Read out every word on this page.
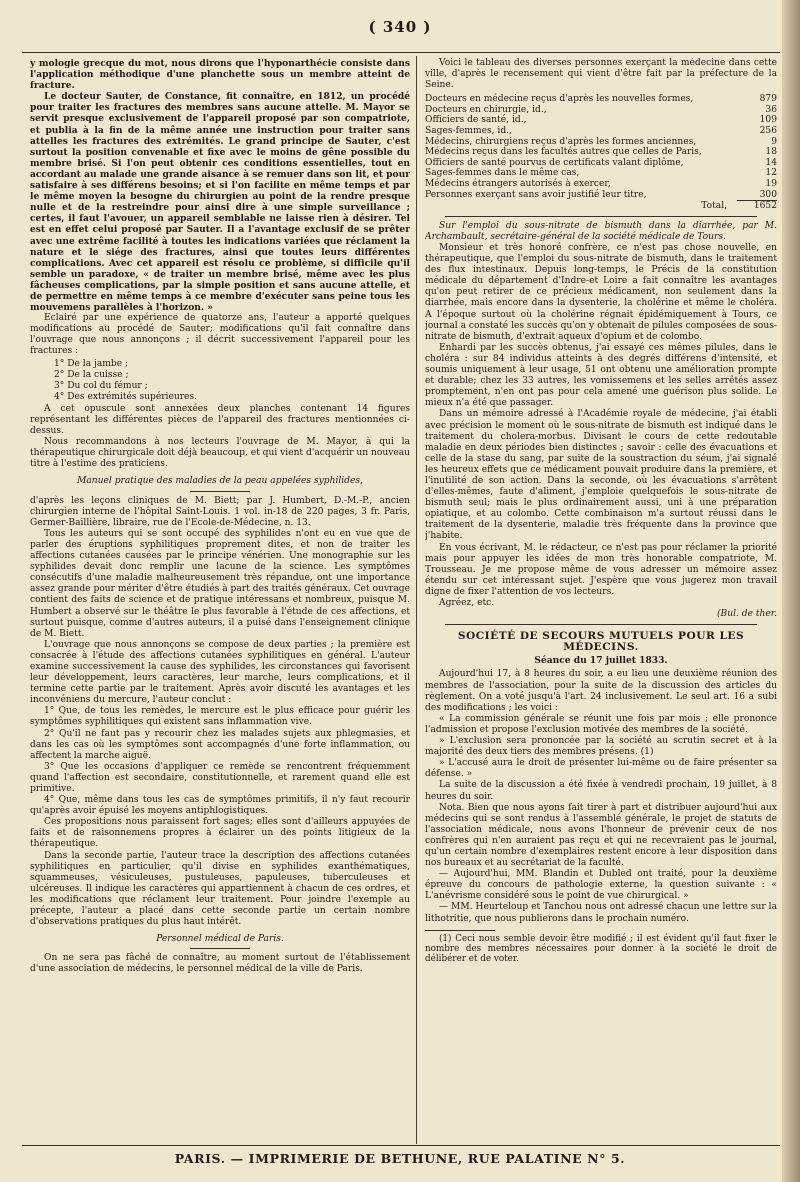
( 340 )

y mologie grecque du mot, nous dirons que l'hyponarthécie consiste dans l'application méthodique d'une planchette sous un membre atteint de fracture.

Le docteur Sauter, de Constance, fit connaître, en 1812, un procédé pour traiter les fractures des membres sans aucune attelle. M. Mayor se servit presque exclusivement de l'appareil proposé par son compatriote, et publia à la fin de la même année une instruction pour traiter sans attelles les fractures des extrémités. Le grand principe de Sauter, c'est surtout la position convenable et fixe avec le moins de gêne possible du membre brisé. Si l'on peut obtenir ces conditions essentielles, tout en accordant au malade une grande aisance à se remuer dans son lit, et pour satisfaire à ses différens besoins; et si l'on facilite en même temps et par le même moyen la besogne du chirurgien au point de la rendre presque nulle et de la restreindre pour ainsi dire à une simple surveillance ; certes, il faut l'avouer, un appareil semblable ne laisse rien à désirer. Tel est en effet celui proposé par Sauter. Il a l'avantage exclusif de se prêter avec une extrême facilité à toutes les indications variées que réclament la nature et le siége des fractures, ainsi que toutes leurs différentes complications. Avec cet appareil est résolu ce problème, si difficile qu'il semble un paradoxe, « de traiter un membre brisé, même avec les plus fâcheuses complications, par la simple position et sans aucune attelle, et de permettre en même temps à ce membre d'exécuter sans peine tous les mouvemens parallèles à l'horizon. »

Eclairé par une expérience de quatorze ans, l'auteur a apporté quelques modifications au procédé de Sauter; modifications qu'il fait connaître dans l'ouvrage que nous annonçons ; il décrit successivement l'appareil pour les fractures :

1° De la jambe ;
2° De la cuisse ;
3° Du col du fémur ;
4° Des extrémités supérieures.

A cet opuscule sont annexées deux planches contenant 14 figures représentant les différentes pièces de l'appareil des fractures mentionnées ci-dessus.

Nous recommandons à nos lecteurs l'ouvrage de M. Mayor, à qui la thérapeutique chirurgicale doit déjà beaucoup, et qui vient d'acquérir un nouveau titre à l'estime des praticiens.

Manuel pratique des maladies de la peau appelées syphilides,

d'après les leçons cliniques de M. Biett; par J. Humbert, D.-M.-P., ancien chirurgien interne de l'hôpital Saint-Louis. 1 vol. in-18 de 220 pages, 3 fr. Paris, Germer-Baillière, libraire, rue de l'Ecole-de-Médecine, n. 13.

Tous les auteurs qui se sont occupé des syphilides n'ont eu en vue que de parler des éruptions syphilitiques proprement dites, et non de traiter les affections cutanées causées par le principe vénérien. Une monographie sur les syphilides devait donc remplir une lacune de la science. Les symptômes consécutifs d'une maladie malheureusement très répandue, ont une importance assez grande pour mériter d'être étudiés à part des traités généraux. Cet ouvrage contient des faits de science et de pratique intéressans et nombreux, puisque M. Humbert a observé sur le théâtre le plus favorable à l'étude de ces affections, et surtout puisque, comme d'autres auteurs, il a puisé dans l'enseignement clinique de M. Biett.

L'ouvrage que nous annonçons se compose de deux parties ; la première est consacrée à l'étude des affections cutanées syphilitiques en général. L'auteur examine successivement la cause des syphilides, les circonstances qui favorisent leur développement, leurs caractères, leur marche, leurs complications, et il termine cette partie par le traitement. Après avoir discuté les avantages et les inconvéniens du mercure, l'auteur conclut :

1° Que, de tous les remèdes, le mercure est le plus efficace pour guérir les symptômes syphilitiques qui existent sans inflammation vive.

2° Qu'il ne faut pas y recourir chez les malades sujets aux phlegmasies, et dans les cas où les symptômes sont accompagnés d'une forte inflammation, ou affectent la marche aiguë.

3° Que les occasions d'appliquer ce remède se rencontrent fréquemment quand l'affection est secondaire, constitutionnelle, et rarement quand elle est primitive.

4° Que, même dans tous les cas de symptômes primitifs, il n'y faut recourir qu'après avoir épuisé les moyens antiphlogistiques.

Ces propositions nous paraissent fort sages; elles sont d'ailleurs appuyées de faits et de raisonnemens propres à éclairer un des points litigieux de la thérapeutique.

Dans la seconde partie, l'auteur trace la description des affections cutanées syphilitiques en particulier, qu'il divise en syphilides exanthématiques, squammeuses, vésiculeuses, pustuleuses, papuleuses, tuberculeuses et ulcéreuses. Il indique les caractères qui appartiennent à chacun de ces ordres, et les modifications que réclament leur traitement. Pour joindre l'exemple au précepte, l'auteur a placé dans cette seconde partie un certain nombre d'observations pratiques du plus haut intérêt.

Personnel médical de Paris.

On ne sera pas fâché de connaître, au moment surtout de l'établissement d'une association de médecins, le personnel médical de la ville de Paris.

Voici le tableau des diverses personnes exerçant la médecine dans cette ville, d'après le recensement qui vient d'être fait par la préfecture de la Seine.

Docteurs en médecine reçus d'après les nouvelles formes,	879
Docteurs en chirurgie, id.,	36
Officiers de santé, id.,	109
Sages-femmes, id.,	256
Médecins, chirurgiens reçus d'après les formes anciennes,	9
Médecins reçus dans les facultés autres que celles de Paris,	18
Officiers de santé pourvus de certificats valant diplôme,	14
Sages-femmes dans le même cas,	12
Médecins étrangers autorisés à exercer,	19
Personnes exerçant sans avoir justifié leur titre,	300
Total,	1652

Sur l'emploi du sous-nitrate de bismuth dans la diarrhée, par M. Archambault, secrétaire-général de la société médicale de Tours.

Monsieur et très honoré confrère, ce n'est pas chose nouvelle, en thérapeutique, que l'emploi du sous-nitrate de bismuth, dans le traitement des flux intestinaux. Depuis long-temps, le Précis de la constitution médicale du département d'Indre-et Loire a fait connaître les avantages qu'on peut retirer de ce précieux médicament, non seulement dans la diarrhée, mais encore dans la dysenterie, la cholérine et même le choléra. A l'époque surtout où la cholérine régnait épidémiquement à Tours, ce journal a constaté les succès qu'on y obtenait de pilules composées de sous-nitrate de bismuth, d'extrait aqueux d'opium et de colombo.

Enhardi par les succès obtenus, j'ai essayé ces mêmes pilules, dans le choléra : sur 84 individus atteints à des degrés différens d'intensité, et soumis uniquement à leur usage, 51 ont obtenu une amélioration prompte et durable; chez les 33 autres, les vomissemens et les selles arrêtés assez promptement, n'en ont pas pour cela amené une guérison plus solide. Le mieux n'a été que passager.

Dans un mémoire adressé à l'Académie royale de médecine, j'ai établi avec précision le moment où le sous-nitrate de bismuth est indiqué dans le traitement du cholera-morbus. Divisant le cours de cette redoutable maladie en deux périodes bien distinctes ; savoir : celle des évacuations et celle de la stase du sang, par suite de la soustraction du séum, j'ai signalé les heureux effets que ce médicament pouvait produire dans la première, et l'inutilité de son action. Dans la seconde, où les évacuations s'arrêtent d'elles-mêmes, faute d'aliment, j'emploie quelquefois le sous-nitrate de bismuth seul; mais le plus ordinairement aussi, uni à une préparation opiatique, et au colombo. Cette combinaison m'a surtout réussi dans le traitement de la dysenterie, maladie très fréquente dans la province que j'habite.

En vous écrivant, M. le rédacteur, ce n'est pas pour réclamer la priorité mais pour appuyer les idées de mon très honorable compatriote, M. Trousseau. Je me propose même de vous adresser un mémoire assez étendu sur cet intéressant sujet. J'espère que vous jugerez mon travail digne de fixer l'attention de vos lecteurs.

Agréez, etc.

(Bul. de ther.
SOCIÉTÉ DE SECOURS MUTUELS POUR LES MÉDECINS.
Séance du 17 juillet 1833.

Aujourd'hui 17, à 8 heures du soir, a eu lieu une deuxième réunion des membres de l'association, pour la suite de la discussion des articles du règlement. On a voté jusqu'à l'art. 24 inclusivement. Le seul art. 16 a subi des modifications ; les voici :

« La commission générale se réunit une fois par mois ; elle prononce l'admission et propose l'exclusion motivée des membres de la société.

» L'exclusion sera prononcée par la société au scrutin secret et à la majorité des deux tiers des membres présens. (1)

» L'accusé aura le droit de présenter lui-même ou de faire présenter sa défense. »

La suite de la discussion a été fixée à vendredi prochain, 19 juillet, à 8 heures du soir.

Nota. Bien que nous ayons fait tirer à part et distribuer aujourd'hui aux médecins qui se sont rendus à l'assemblé générale, le projet de statuts de l'association médicale, nous avons l'honneur de prévenir ceux de nos confrères qui n'en auraient pas reçu et qui ne recevraient pas le journal, qu'un certain nombre d'exemplaires restent encore à leur disposition dans nos bureaux et au secrétariat de la faculté.

— Aujourd'hui, MM. Blandin et Dubled ont traité, pour la deuxième épreuve du concours de pathologie externe, la question suivante : « L'anévrisme considéré sous le point de vue chirurgical. »

— MM. Heurteloup et Tanchou nous ont adressé chacun une lettre sur la lithotritie, que nous publierons dans le prochain numéro.

(1) Ceci nous semble devoir être modifié ; il est évident qu'il faut fixer le nombre des membres nécessaires pour donner à la société le droit de délibérer et de voter.

PARIS. — IMPRIMERIE DE BETHUNE, RUE PALATINE N° 5.
